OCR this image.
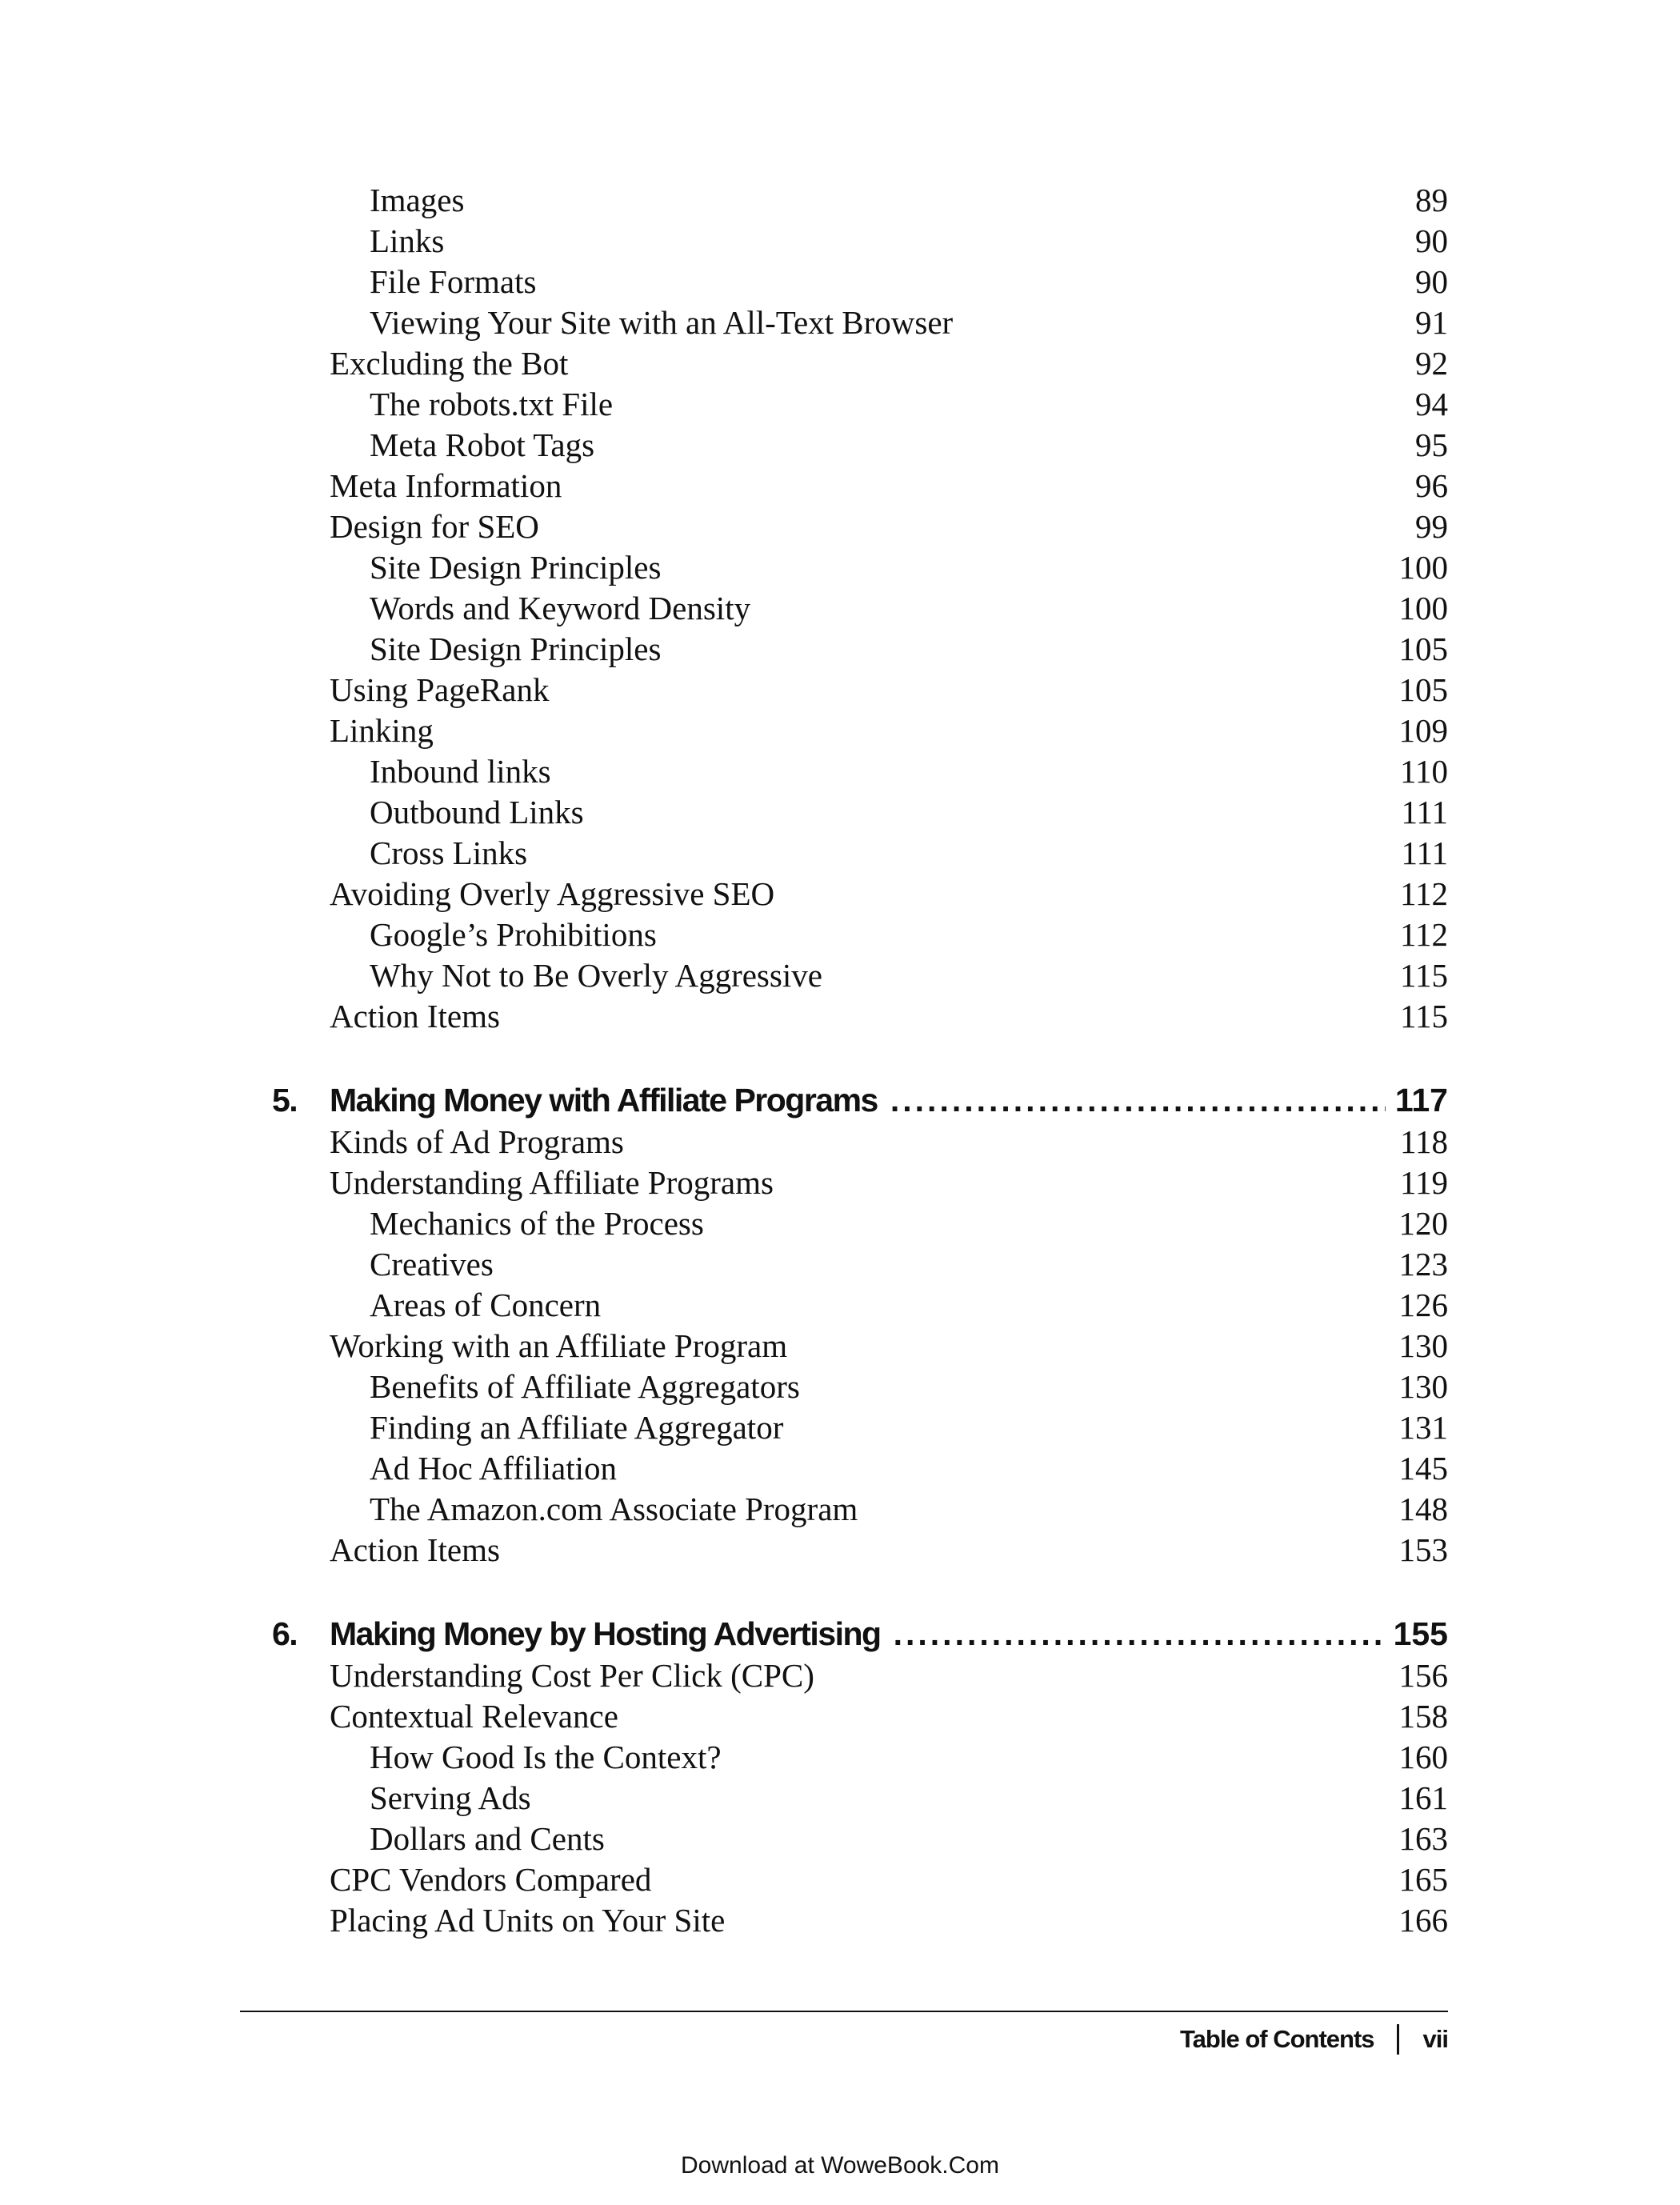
Images	89
Links	90
File Formats	90
Viewing Your Site with an All-Text Browser	91
Excluding the Bot	92
The robots.txt File	94
Meta Robot Tags	95
Meta Information	96
Design for SEO	99
Site Design Principles	100
Words and Keyword Density	100
Site Design Principles	105
Using PageRank	105
Linking	109
Inbound links	110
Outbound Links	111
Cross Links	111
Avoiding Overly Aggressive SEO	112
Google’s Prohibitions	112
Why Not to Be Overly Aggressive	115
Action Items	115
5. Making Money with Affiliate Programs .....	117
Kinds of Ad Programs	118
Understanding Affiliate Programs	119
Mechanics of the Process	120
Creatives	123
Areas of Concern	126
Working with an Affiliate Program	130
Benefits of Affiliate Aggregators	130
Finding an Affiliate Aggregator	131
Ad Hoc Affiliation	145
The Amazon.com Associate Program	148
Action Items	153
6. Making Money by Hosting Advertising .....	155
Understanding Cost Per Click (CPC)	156
Contextual Relevance	158
How Good Is the Context?	160
Serving Ads	161
Dollars and Cents	163
CPC Vendors Compared	165
Placing Ad Units on Your Site	166
Table of Contents vii
Download at WoweBook.Com
